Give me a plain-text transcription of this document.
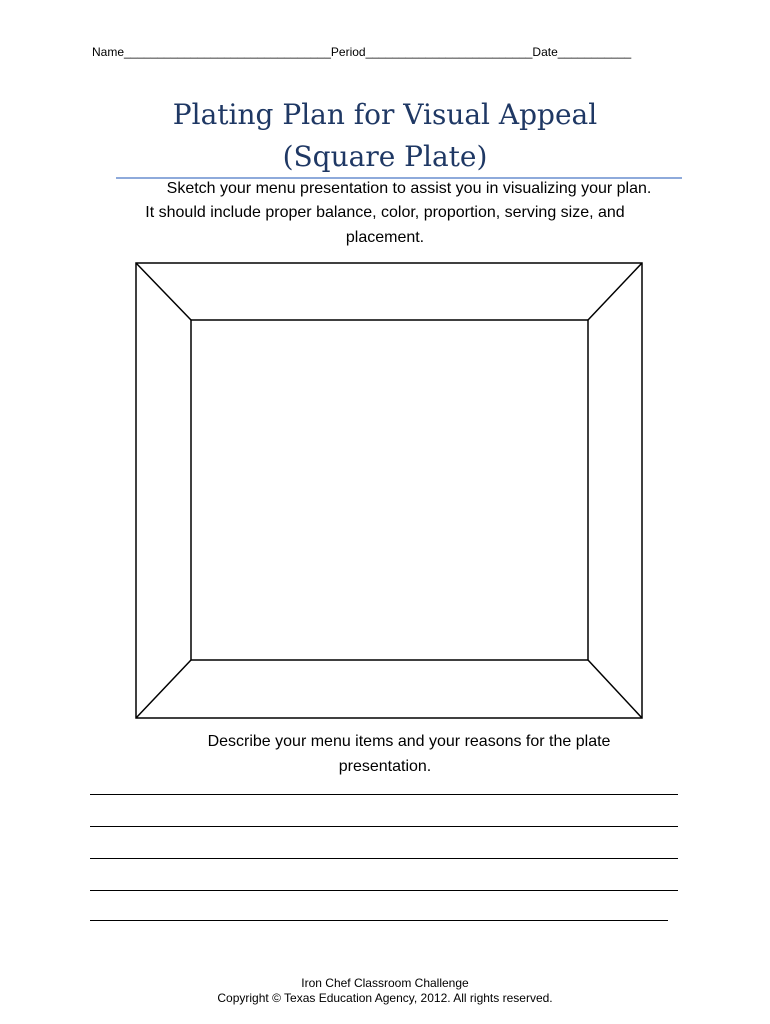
Name_______________________________Period_________________________Date___________
Plating Plan for Visual Appeal
(Square Plate)
Sketch your menu presentation to assist you in visualizing your plan.
It should include proper balance, color, proportion, serving size, and
placement.
Describe your menu items and your reasons for the plate
presentation.
Iron Chef Classroom Challenge
Copyright © Texas Education Agency, 2012. All rights reserved.
